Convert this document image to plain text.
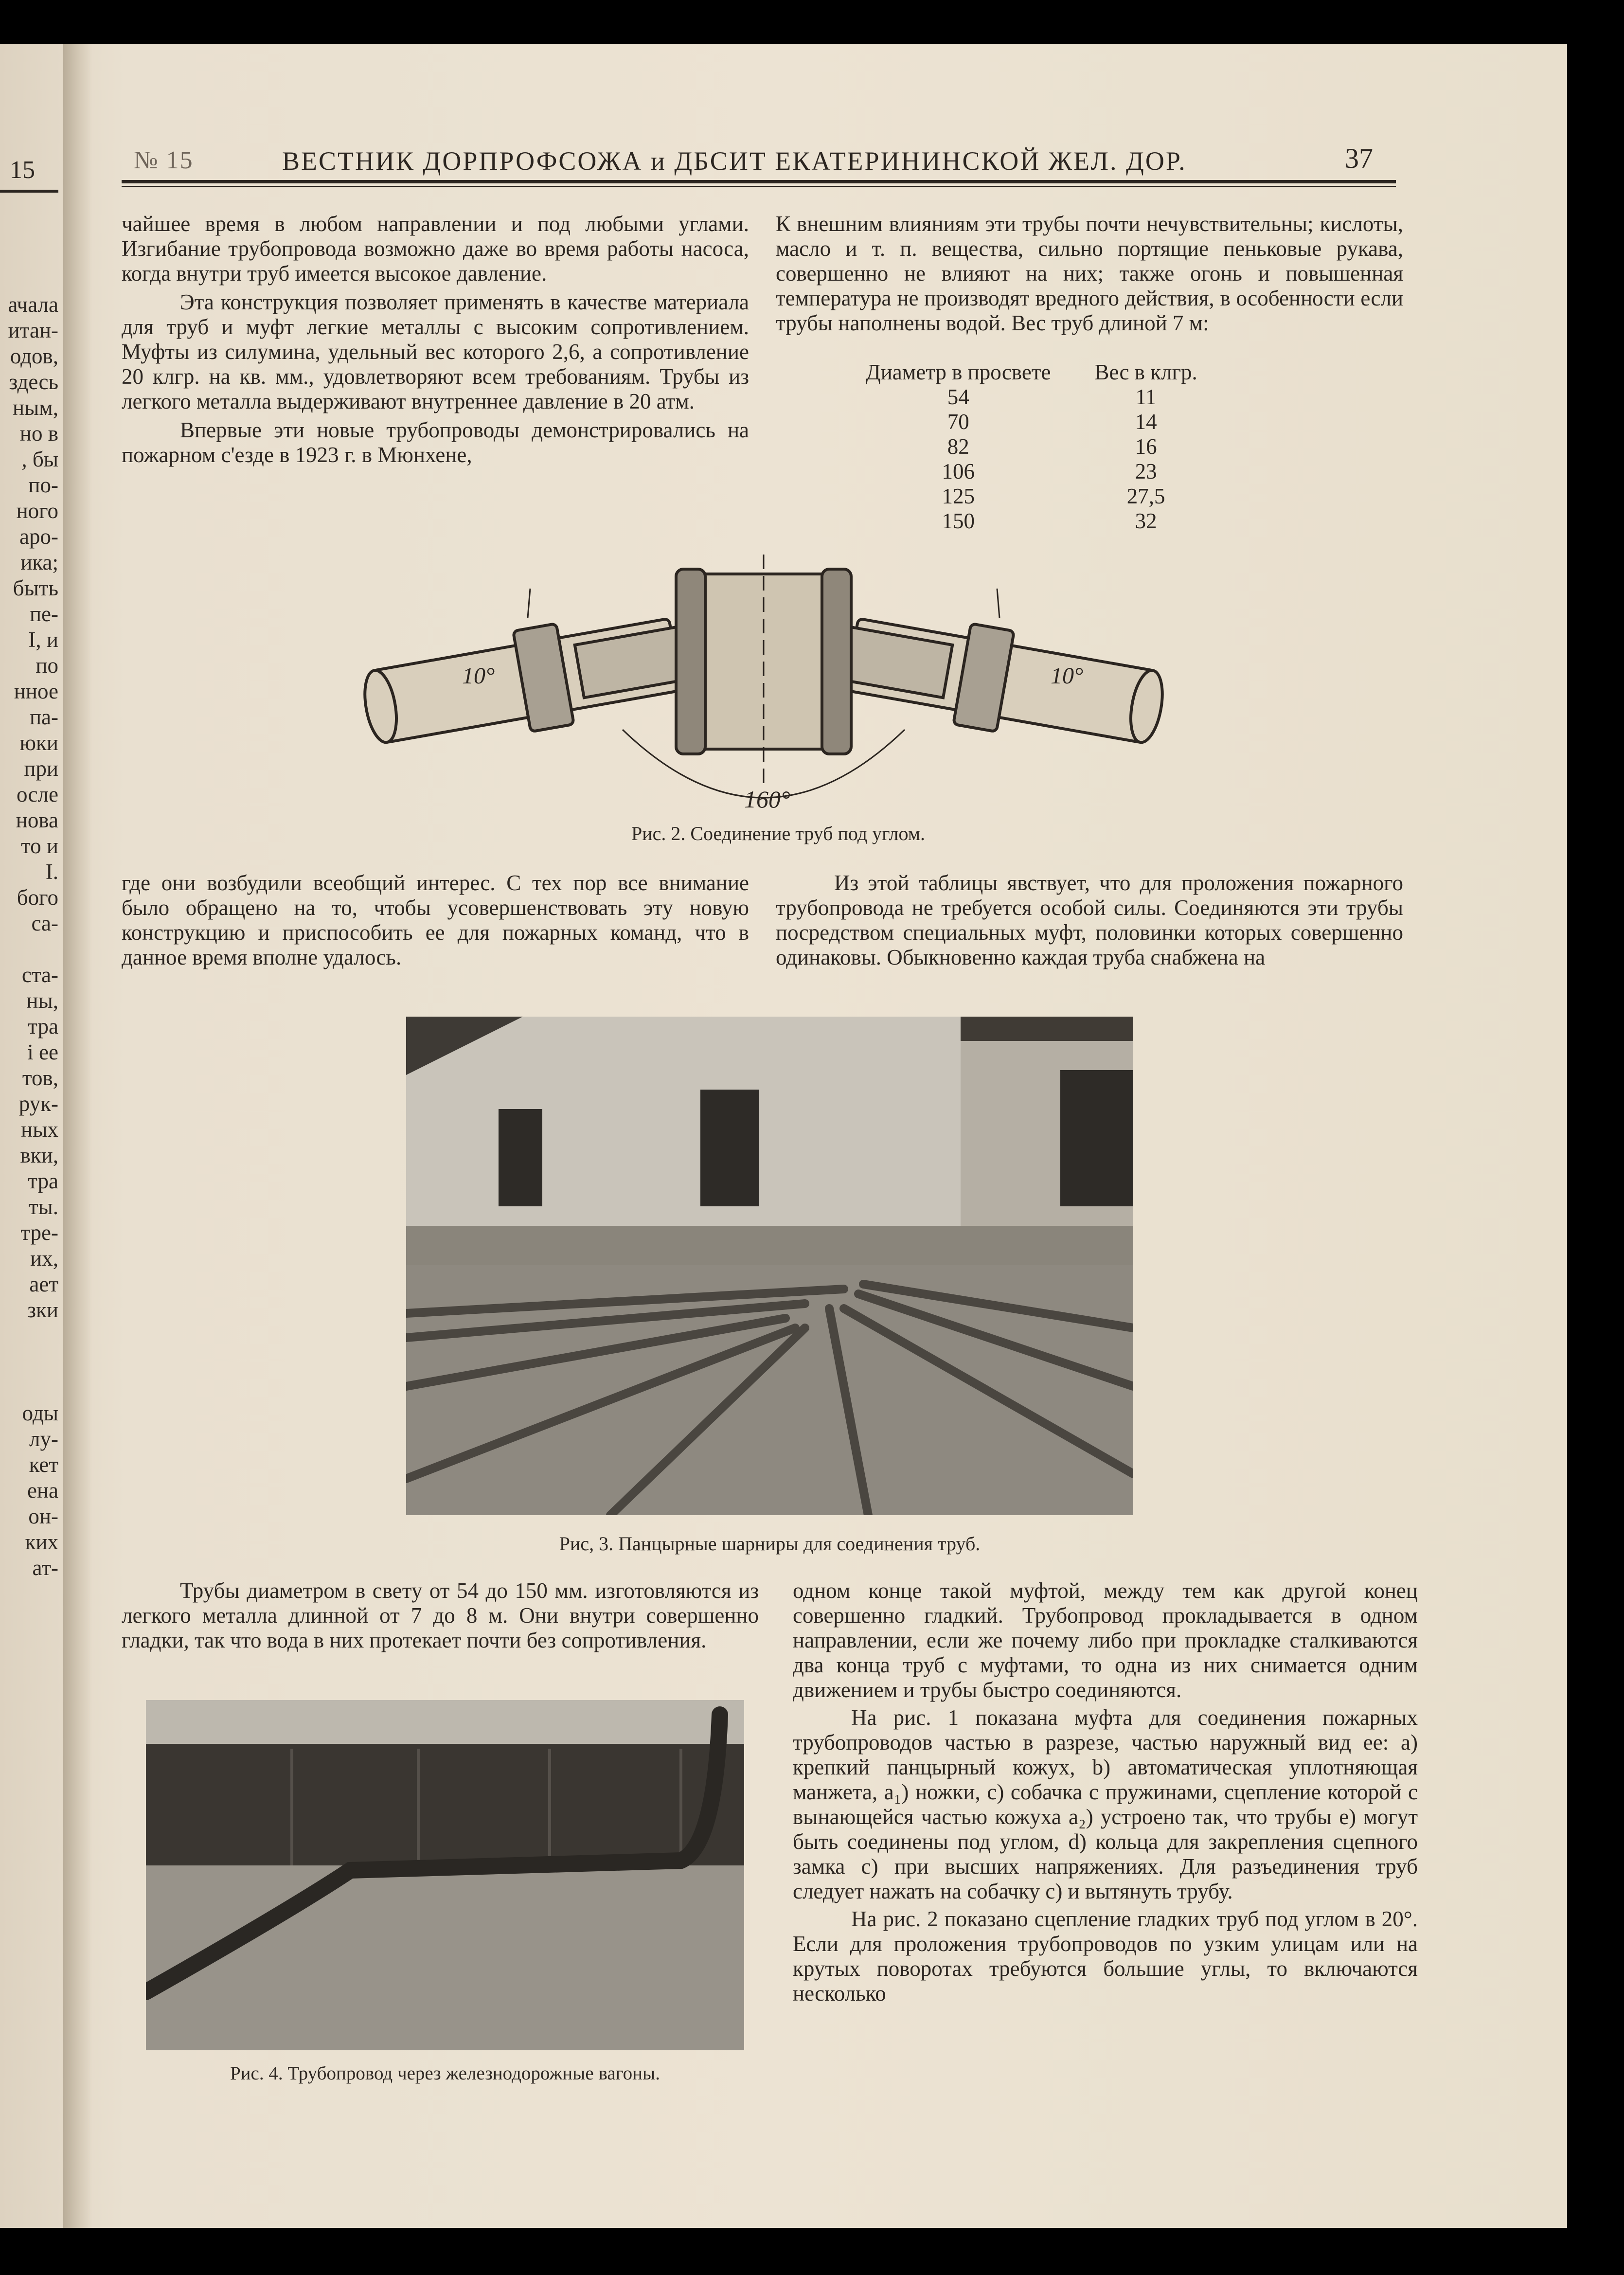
15
ачала
итан-
одов,
здесь
ным,
но в
, бы
по-
ного
аро-
ика;
быть
пе-
I, и
по
нное
па-
юки
при
осле
нова
то и
I.
бого
са-
ста-
ны,
тра
і ее
тов,
рук-
ных
вки,
тра
ты.
тре-
их,
ает
зки
оды
лу-
кет
ена
он-
ких
ат-
№ 15	ВЕСТНИК ДОРПРОФСОЖА и ДБСИТ ЕКАТЕРИНИНСКОЙ ЖЕЛ. ДОР.	37

чайшее время в любом направлении и под любыми углами. Изгибание трубопровода возможно даже во время работы насоса, когда внутри труб имеется высокое давление.

Эта конструкция позволяет применять в качестве материала для труб и муфт легкие металлы с высоким сопротивлением. Муфты из силумина, удельный вес которого 2,6, а сопротивление 20 клгр. на кв. мм., удовлетворяют всем требованиям. Трубы из легкого металла выдерживают внутреннее давление в 20 атм.

Впервые эти новые трубопроводы демонстрировались на пожарном с'езде в 1923 г. в Мюнхене,

К внешним влияниям эти трубы почти нечувствительны; кислоты, масло и т. п. вещества, сильно портящие пеньковые рукава, совершенно не влияют на них; также огонь и повышенная температура не производят вредного действия, в особенности если трубы наполнены водой. Вес труб длиной 7 м:

Диаметр в просвете	Вес в клгр.
54	11
70	14
82	16
106	23
125	27,5
150	32
10°	10°
160°
Рис. 2. Соединение труб под углом.

где они возбудили всеобщий интерес. С тех пор все внимание было обращено на то, чтобы усовершенствовать эту новую конструкцию и приспособить ее для пожарных команд, что в данное время вполне удалось.

Из этой таблицы явствует, что для проложения пожарного трубопровода не требуется особой силы. Соединяются эти трубы посредством специальных муфт, половинки которых совершенно одинаковы. Обыкновенно каждая труба снабжена на

Рис, 3. Панцырные шарниры для соединения труб.

Трубы диаметром в свету от 54 до 150 мм. изготовляются из легкого металла длинной от 7 до 8 м. Они внутри совершенно гладки, так что вода в них протекает почти без сопротивления.

Рис. 4. Трубопровод через железнодорожные вагоны.

одном конце такой муфтой, между тем как другой конец совершенно гладкий. Трубопровод прокладывается в одном направлении, если же почему либо при прокладке сталкиваются два конца труб с муфтами, то одна из них снимается одним движением и трубы быстро соединяются.

На рис. 1 показана муфта для соединения пожарных трубопроводов частью в разрезе, частью наружный вид ее: а) крепкий панцырный кожух, b) автоматическая уплотняющая манжета, а₁) ножки, с) собачка с пружинами, сцепление которой с вынающейся частью кожуха а₂) устроено так, что трубы е) могут быть соединены под углом, d) кольца для закрепления сцепного замка с) при высших напряжениях. Для разъединения труб следует нажать на собачку с) и вытянуть трубу.

На рис. 2 показано сцепление гладких труб под углом в 20°. Если для проложения трубопроводов по узким улицам или на крутых поворотах требуются большие углы, то включаются несколько
